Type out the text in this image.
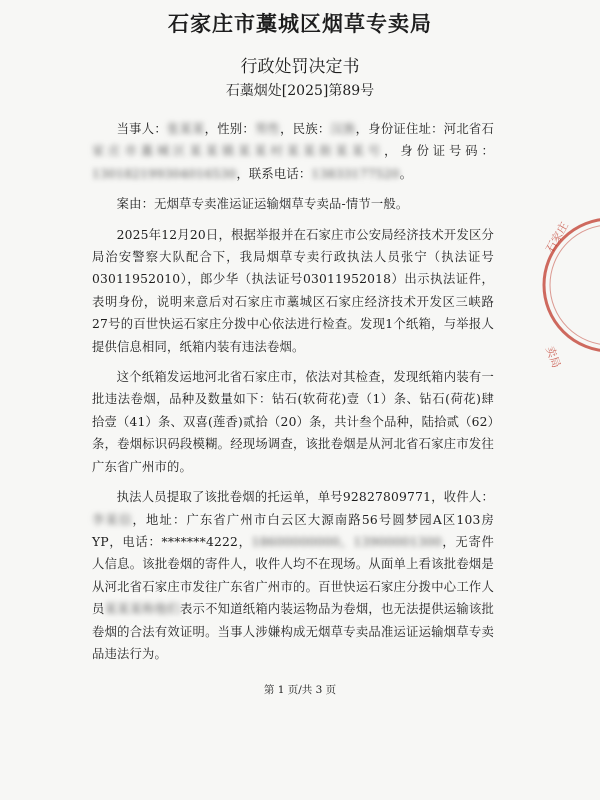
石家庄市藁城区烟草专卖局
行政处罚决定书
石藁烟处[2025]第89号

当事人：张某某，性别：男性，民族：汉族，身份证住址：河北省石家庄市藁城区某某镇某某村某某街某某号，身份证号码：130182199304016530，联系电话：13833177520。

案由：无烟草专卖准运证运输烟草专卖品-情节一般。

2025年12月20日，根据举报并在石家庄市公安局经济技术开发区分局治安警察大队配合下，我局烟草专卖行政执法人员张宁（执法证号03011952010），郎少华（执法证号03011952018）出示执法证件，表明身份，说明来意后对石家庄市藁城区石家庄经济技术开发区三峡路27号的百世快运石家庄分拨中心依法进行检查。发现1个纸箱，与举报人提供信息相同，纸箱内装有违法卷烟。

这个纸箱发运地河北省石家庄市，依法对其检查，发现纸箱内装有一批违法卷烟，品种及数量如下：钻石(软荷花)壹（1）条、钻石(荷花)肆拾壹（41）条、双喜(莲香)贰拾（20）条，共计叁个品种，陆拾贰（62）条，卷烟标识码段模糊。经现场调查，该批卷烟是从河北省石家庄市发往广东省广州市的。

执法人员提取了该批卷烟的托运单，单号92827809771，收件人：李某信，地址：广东省广州市白云区大源南路56号圆梦园A区103房YP，电话：*******4222，18600000000，13900001300，无寄件人信息。该批卷烟的寄件人，收件人均不在现场。从面单上看该批卷烟是从河北省石家庄市发往广东省广州市的。百世快运石家庄分拨中心工作人员某某某称他们表示不知道纸箱内装运物品为卷烟，也无法提供运输该批卷烟的合法有效证明。当事人涉嫌构成无烟草专卖品准运证运输烟草专卖品违法行为。

第 1 页/共 3 页
石家庄
卖局
